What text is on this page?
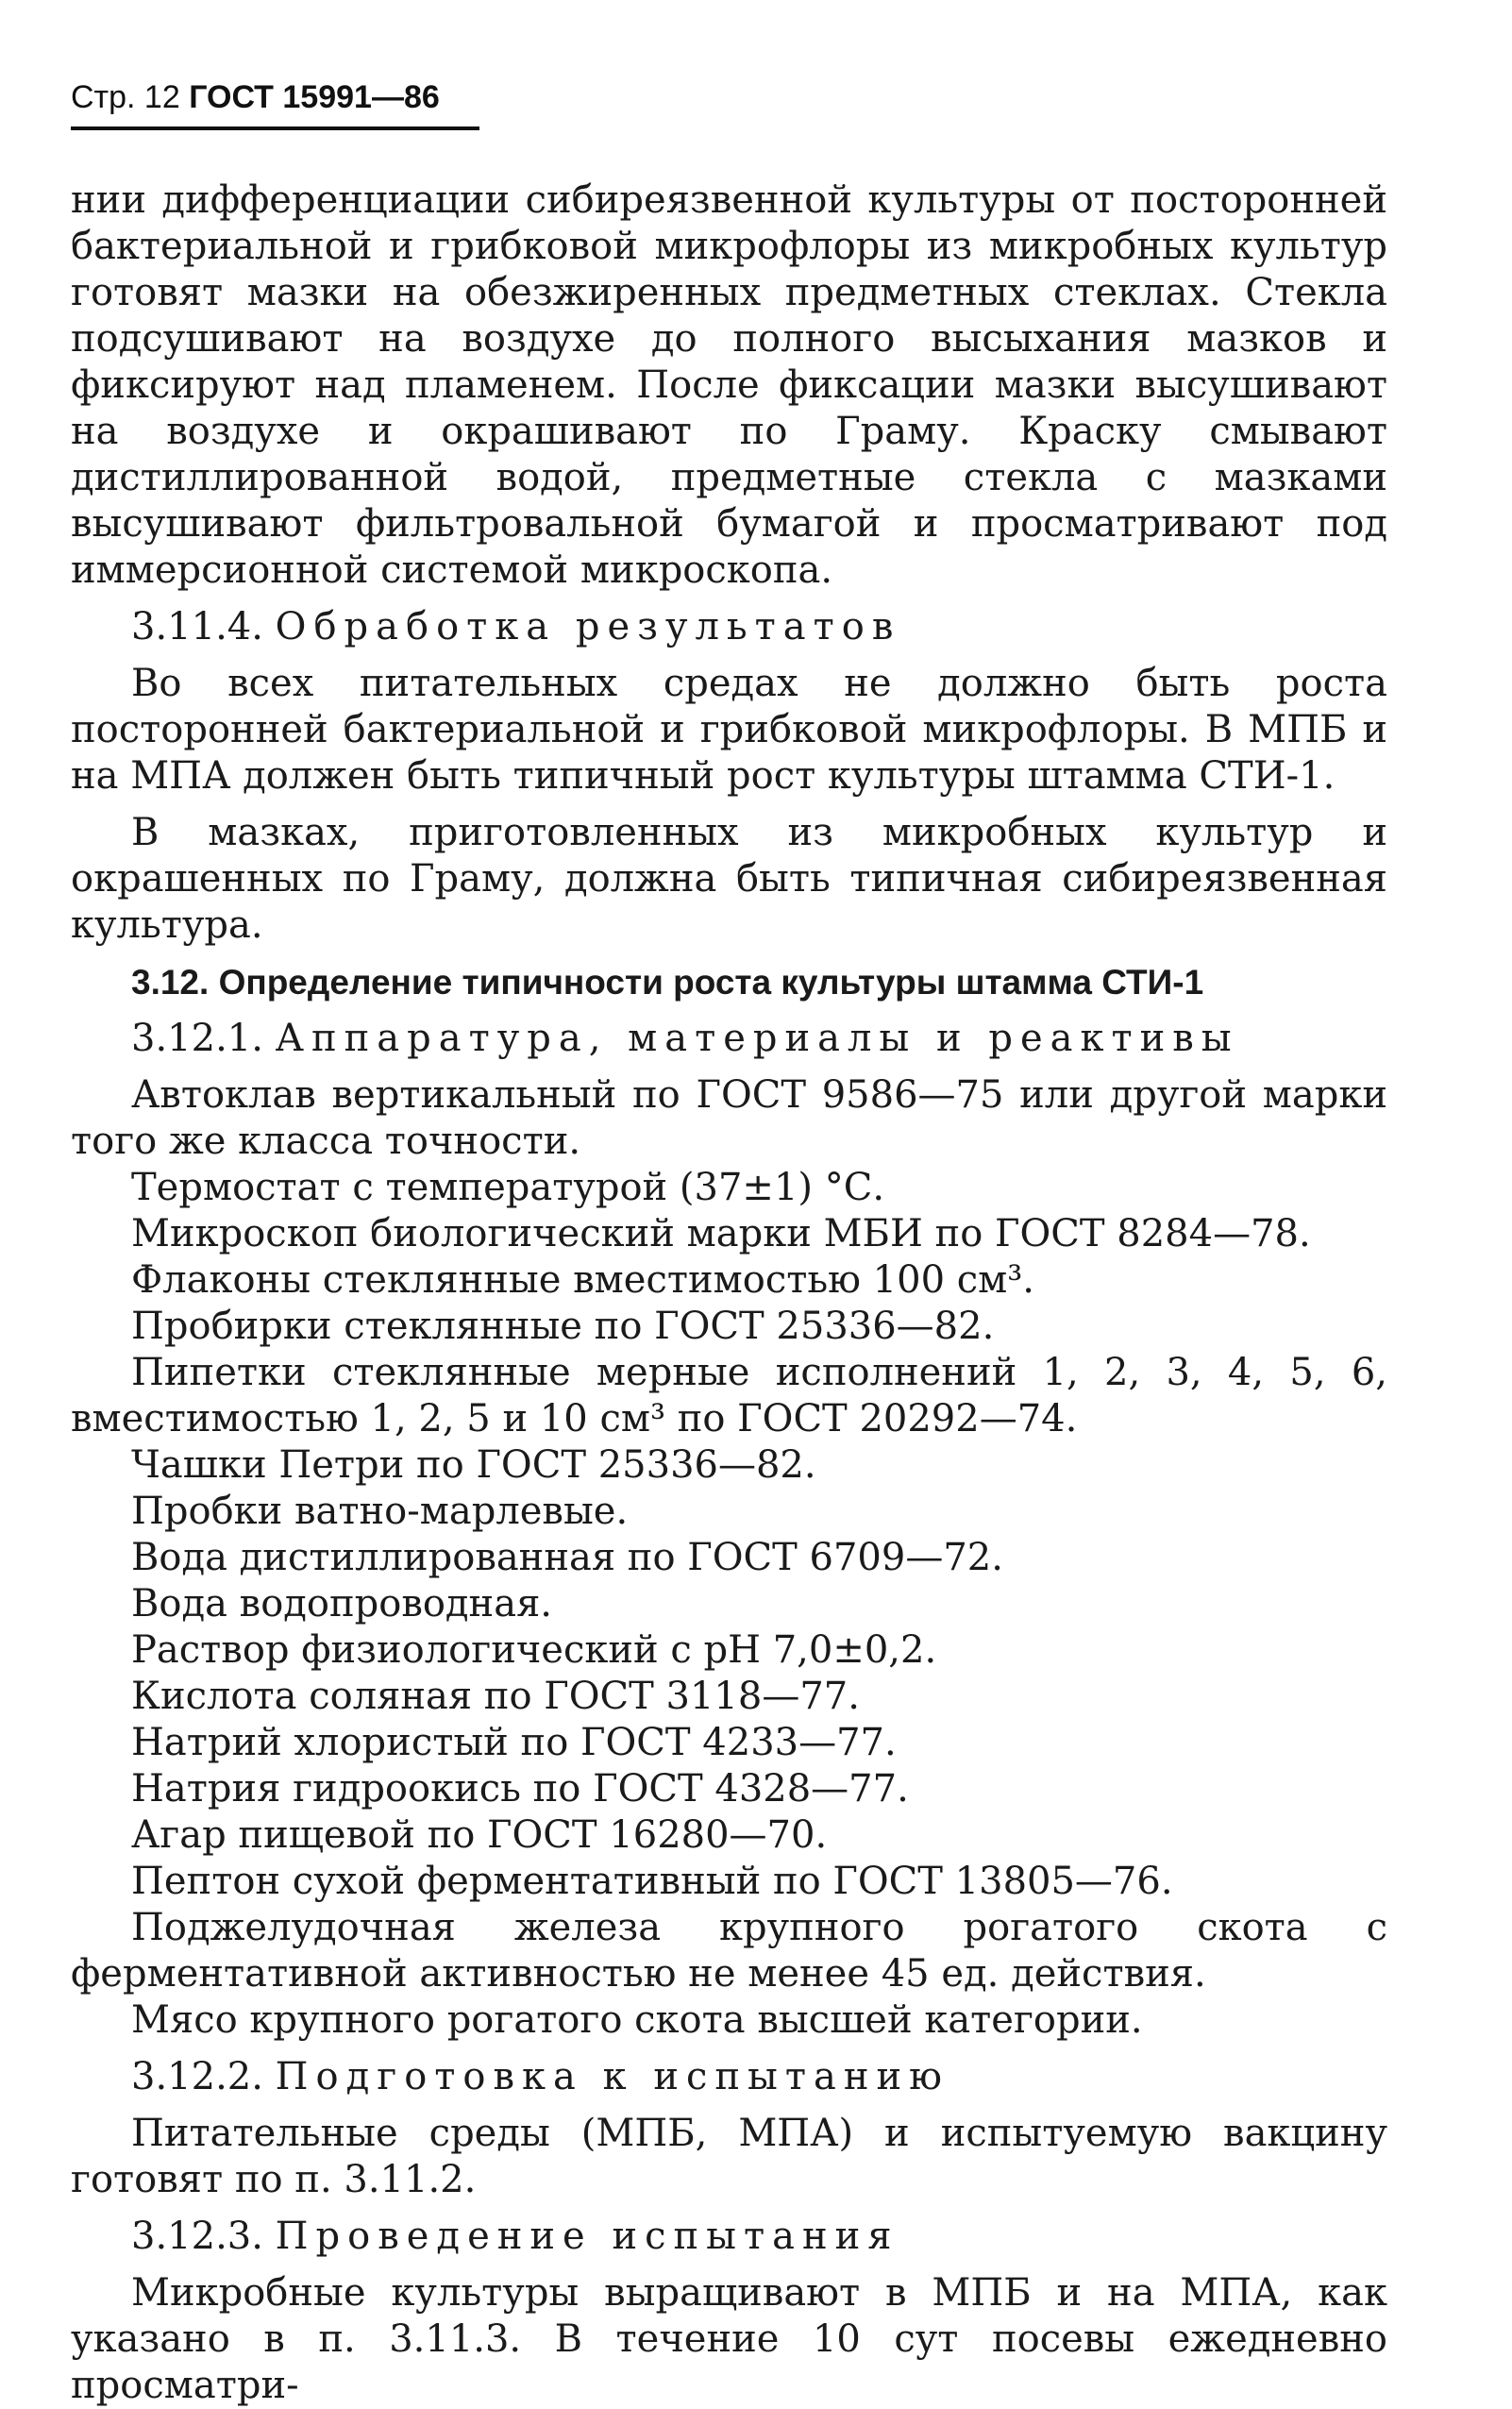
Стр. 12 ГОСТ 15991—86

нии дифференциации сибиреязвенной культуры от посторонней бактериальной и грибковой микрофлоры из микробных культур готовят мазки на обезжиренных предметных стеклах. Стекла подсушивают на воздухе до полного высыхания мазков и фиксируют над пламенем. После фиксации мазки высушивают на воздухе и окрашивают по Граму. Краску смывают дистиллированной водой, предметные стекла с мазками высушивают фильтровальной бумагой и просматривают под иммерсионной системой микроскопа.

3.11.4. Обработка результатов

Во всех питательных средах не должно быть роста посторонней бактериальной и грибковой микрофлоры. В МПБ и на МПА должен быть типичный рост культуры штамма СТИ-1.

В мазках, приготовленных из микробных культур и окрашенных по Граму, должна быть типичная сибиреязвенная культура.

3.12. Определение типичности роста культуры штамма СТИ-1

3.12.1. Аппаратура, материалы и реактивы

Автоклав вертикальный по ГОСТ 9586—75 или другой марки того же класса точности.

Термостат с температурой (37±1) °С.

Микроскоп биологический марки МБИ по ГОСТ 8284—78.

Флаконы стеклянные вместимостью 100 см³.

Пробирки стеклянные по ГОСТ 25336—82.

Пипетки стеклянные мерные исполнений 1, 2, 3, 4, 5, 6, вместимостью 1, 2, 5 и 10 см³ по ГОСТ 20292—74.

Чашки Петри по ГОСТ 25336—82.

Пробки ватно-марлевые.

Вода дистиллированная по ГОСТ 6709—72.

Вода водопроводная.

Раствор физиологический с pH 7,0±0,2.

Кислота соляная по ГОСТ 3118—77.

Натрий хлористый по ГОСТ 4233—77.

Натрия гидроокись по ГОСТ 4328—77.

Агар пищевой по ГОСТ 16280—70.

Пептон сухой ферментативный по ГОСТ 13805—76.

Поджелудочная железа крупного рогатого скота с ферментативной активностью не менее 45 ед. действия.

Мясо крупного рогатого скота высшей категории.

3.12.2. Подготовка к испытанию

Питательные среды (МПБ, МПА) и испытуемую вакцину готовят по п. 3.11.2.

3.12.3. Проведение испытания

Микробные культуры выращивают в МПБ и на МПА, как указано в п. 3.11.3. В течение 10 сут посевы ежедневно просматри-
